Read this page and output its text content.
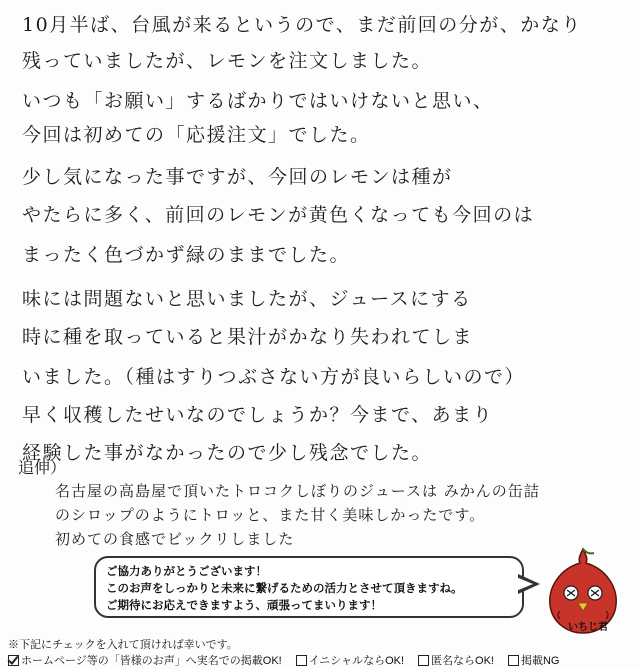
10月半ば、台風が来るというので、まだ前回の分が、かなり
残っていましたが、レモンを注文しました。
いつも「お願い」するばかりではいけないと思い、
今回は初めての「応援注文」でした。
少し気になった事ですが、今回のレモンは種が
やたらに多く、前回のレモンが黄色くなっても今回のは
まったく色づかず緑のままでした。
味には問題ないと思いましたが、ジュースにする
時に種を取っていると果汁がかなり失われてしま
いました。（種はすりつぶさない方が良いらしいので）
早く収穫したせいなのでしょうか？今まで、あまり
経験した事がなかったので少し残念でした。
追伸）
名古屋の高島屋で頂いたトロコクしぼりのジュースは みかんの缶詰
のシロップのようにトロッと、また甘く美味しかったです。
初めての食感でビックリしました

ご協力ありがとうございます！

このお声をしっかりと未来に繋げるための活力とさせて頂きますね。

ご期待にお応えできますよう、頑張ってまいります！

いちじ君
※下記にチェックを入れて頂ければ幸いです。
ホームページ等の「皆様のお声」へ実名での掲載OK! イニシャルならOK! 匿名ならOK! 掲載NG
